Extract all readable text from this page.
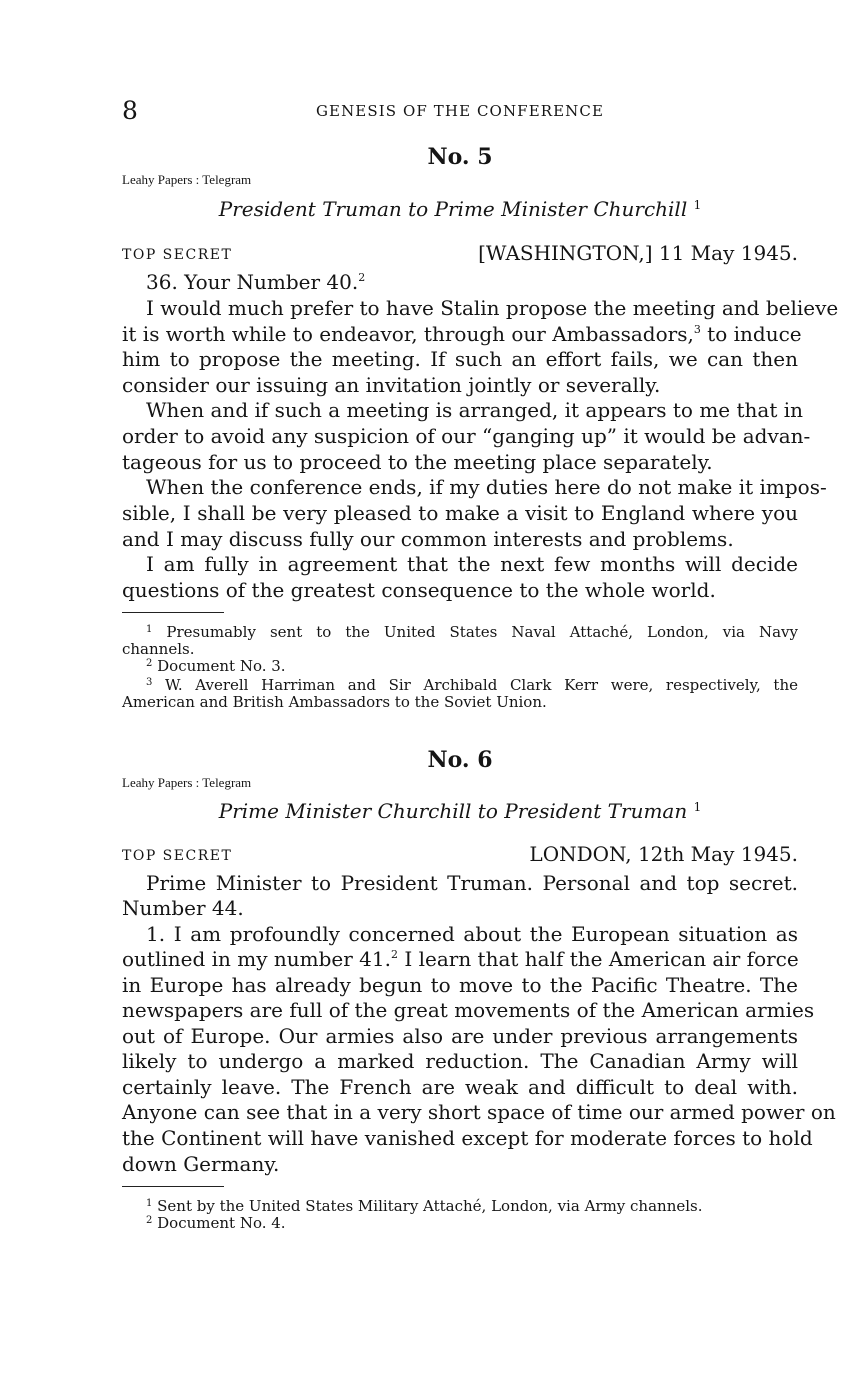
8	GENESIS OF THE CONFERENCE
No. 5
Leahy Papers : Telegram
President Truman to Prime Minister Churchill $^1$
TOP SECRET	[WASHINGTON,] 11 May 1945.
36. Your Number 40.$^2$
I would much prefer to have Stalin propose the meeting and believe
it is worth while to endeavor, through our Ambassadors,$^3$ to induce
him to propose the meeting. If such an effort fails, we can then
consider our issuing an invitation jointly or severally.
When and if such a meeting is arranged, it appears to me that in
order to avoid any suspicion of our “ganging up” it would be advan-
tageous for us to proceed to the meeting place separately.
When the conference ends, if my duties here do not make it impos-
sible, I shall be very pleased to make a visit to England where you
and I may discuss fully our common interests and problems.
I am fully in agreement that the next few months will decide
questions of the greatest consequence to the whole world.
$^1$ Presumably sent to the United States Naval Attaché, London, via Navy
channels.
$^2$ Document No. 3.
$^3$ W. Averell Harriman and Sir Archibald Clark Kerr were, respectively, the
American and British Ambassadors to the Soviet Union.
No. 6
Leahy Papers : Telegram
Prime Minister Churchill to President Truman $^1$
TOP SECRET	LONDON, 12th May 1945.
Prime Minister to President Truman. Personal and top secret.
Number 44.
1. I am profoundly concerned about the European situation as
outlined in my number 41.$^2$ I learn that half the American air force
in Europe has already begun to move to the Pacific Theatre. The
newspapers are full of the great movements of the American armies
out of Europe. Our armies also are under previous arrangements
likely to undergo a marked reduction. The Canadian Army will
certainly leave. The French are weak and difficult to deal with.
Anyone can see that in a very short space of time our armed power on
the Continent will have vanished except for moderate forces to hold
down Germany.
$^1$ Sent by the United States Military Attaché, London, via Army channels.
$^2$ Document No. 4.
